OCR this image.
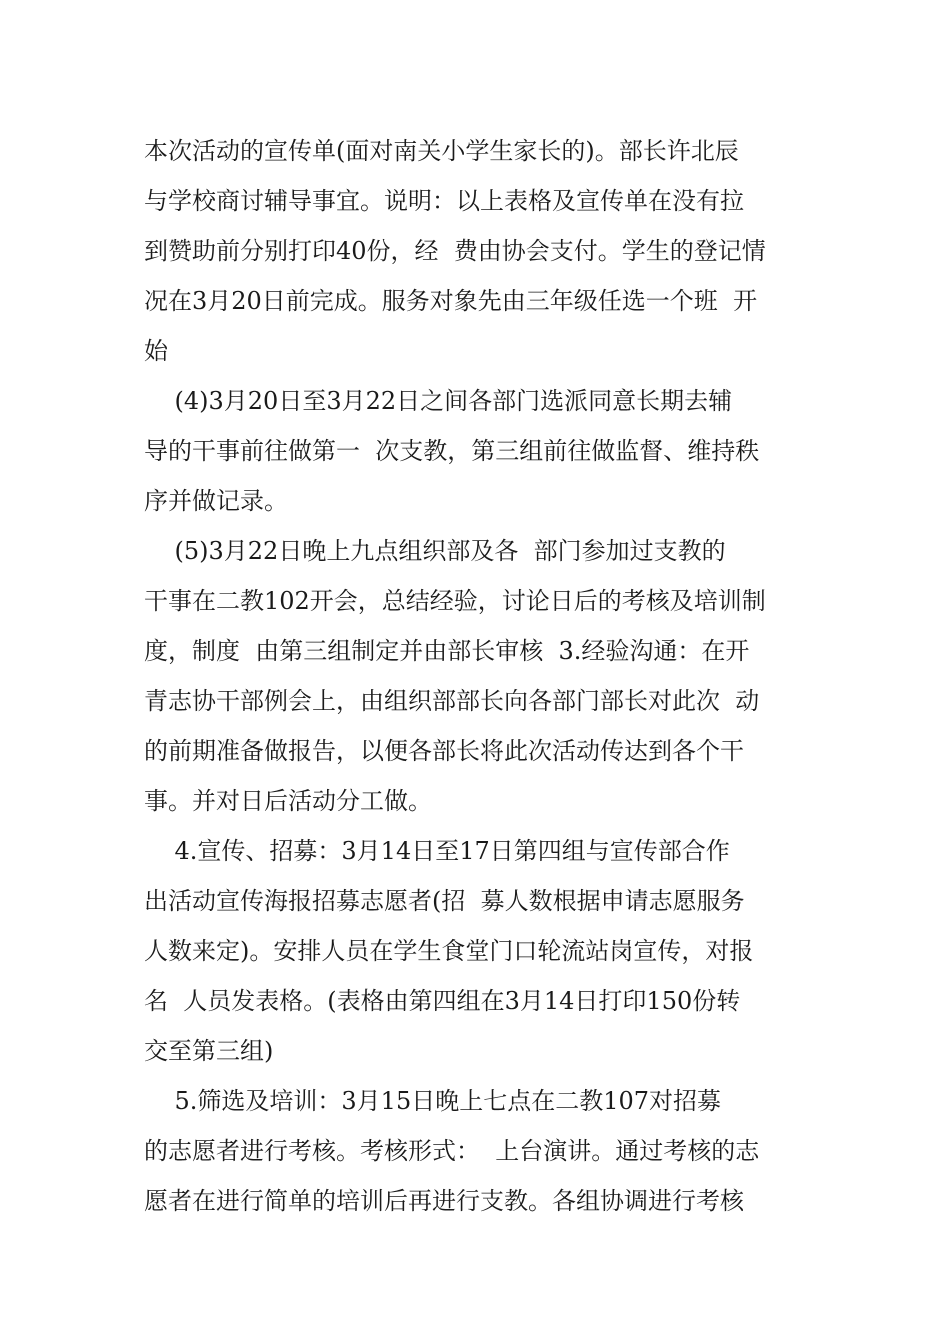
本次活动的宣传单(面对南关小学生家长的)。部长许北辰
与学校商讨辅导事宜。说明：以上表格及宣传单在没有拉
到赞助前分别打印40份，经  费由协会支付。学生的登记情
况在3月20日前完成。服务对象先由三年级任选一个班  开
始
(4)3月20日至3月22日之间各部门选派同意长期去辅
导的干事前往做第一  次支教，第三组前往做监督、维持秩
序并做记录。
(5)3月22日晚上九点组织部及各  部门参加过支教的
干事在二教102开会，总结经验，讨论日后的考核及培训制
度，制度  由第三组制定并由部长审核  3.经验沟通：在开
青志协干部例会上，由组织部部长向各部门部长对此次  动
的前期准备做报告，以便各部长将此次活动传达到各个干
事。并对日后活动分工做。
4.宣传、招募：3月14日至17日第四组与宣传部合作
出活动宣传海报招募志愿者(招  募人数根据申请志愿服务
人数来定)。安排人员在学生食堂门口轮流站岗宣传，对报
名  人员发表格。(表格由第四组在3月14日打印150份转
交至第三组)
5.筛选及培训：3月15日晚上七点在二教107对招募
的志愿者进行考核。考核形式：  上台演讲。通过考核的志
愿者在进行简单的培训后再进行支教。各组协调进行考核
